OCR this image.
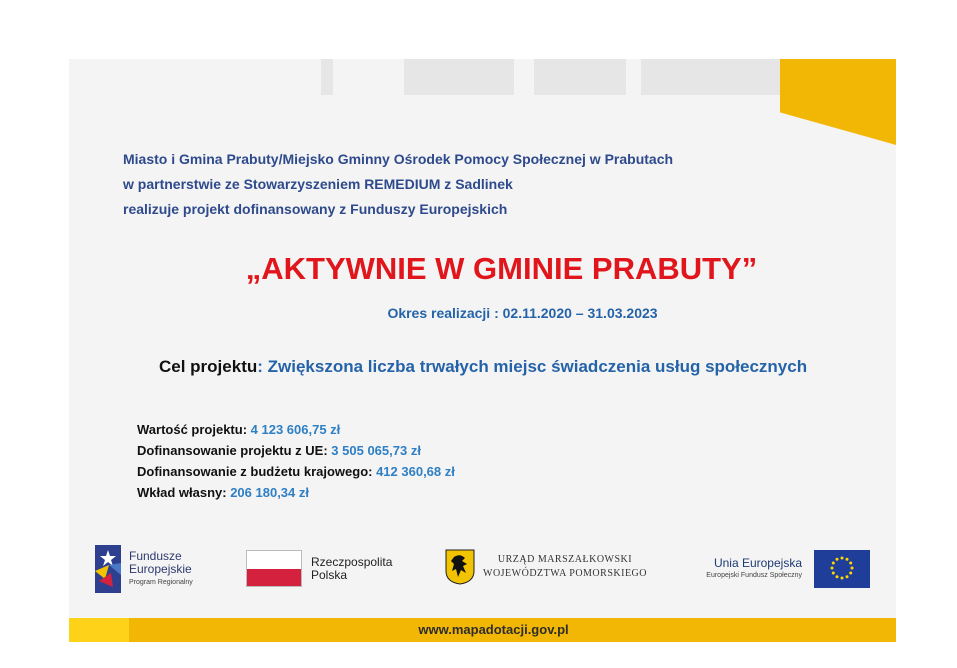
Miasto i Gmina Prabuty/Miejsko Gminny Ośrodek Pomocy Społecznej w Prabutach
w partnerstwie ze Stowarzyszeniem REMEDIUM z Sadlinek
realizuje projekt dofinansowany z Funduszy Europejskich
„AKTYWNIE W GMINIE PRABUTY”
Okres realizacji : 02.11.2020 – 31.03.2023
Cel projektu: Zwiększona liczba trwałych miejsc świadczenia usług społecznych
Wartość projektu: 4 123 606,75 zł
Dofinansowanie projektu z UE: 3 505 065,73 zł
Dofinansowanie z budżetu krajowego: 412 360,68 zł
Wkład własny: 206 180,34 zł
Fundusze
Europejskie
Program Regionalny
Rzeczpospolita
Polska
URZĄD MARSZAŁKOWSKI
WOJEWÓDZTWA POMORSKIEGO
Unia Europejska
Europejski Fundusz Społeczny
www.mapadotacji.gov.pl
